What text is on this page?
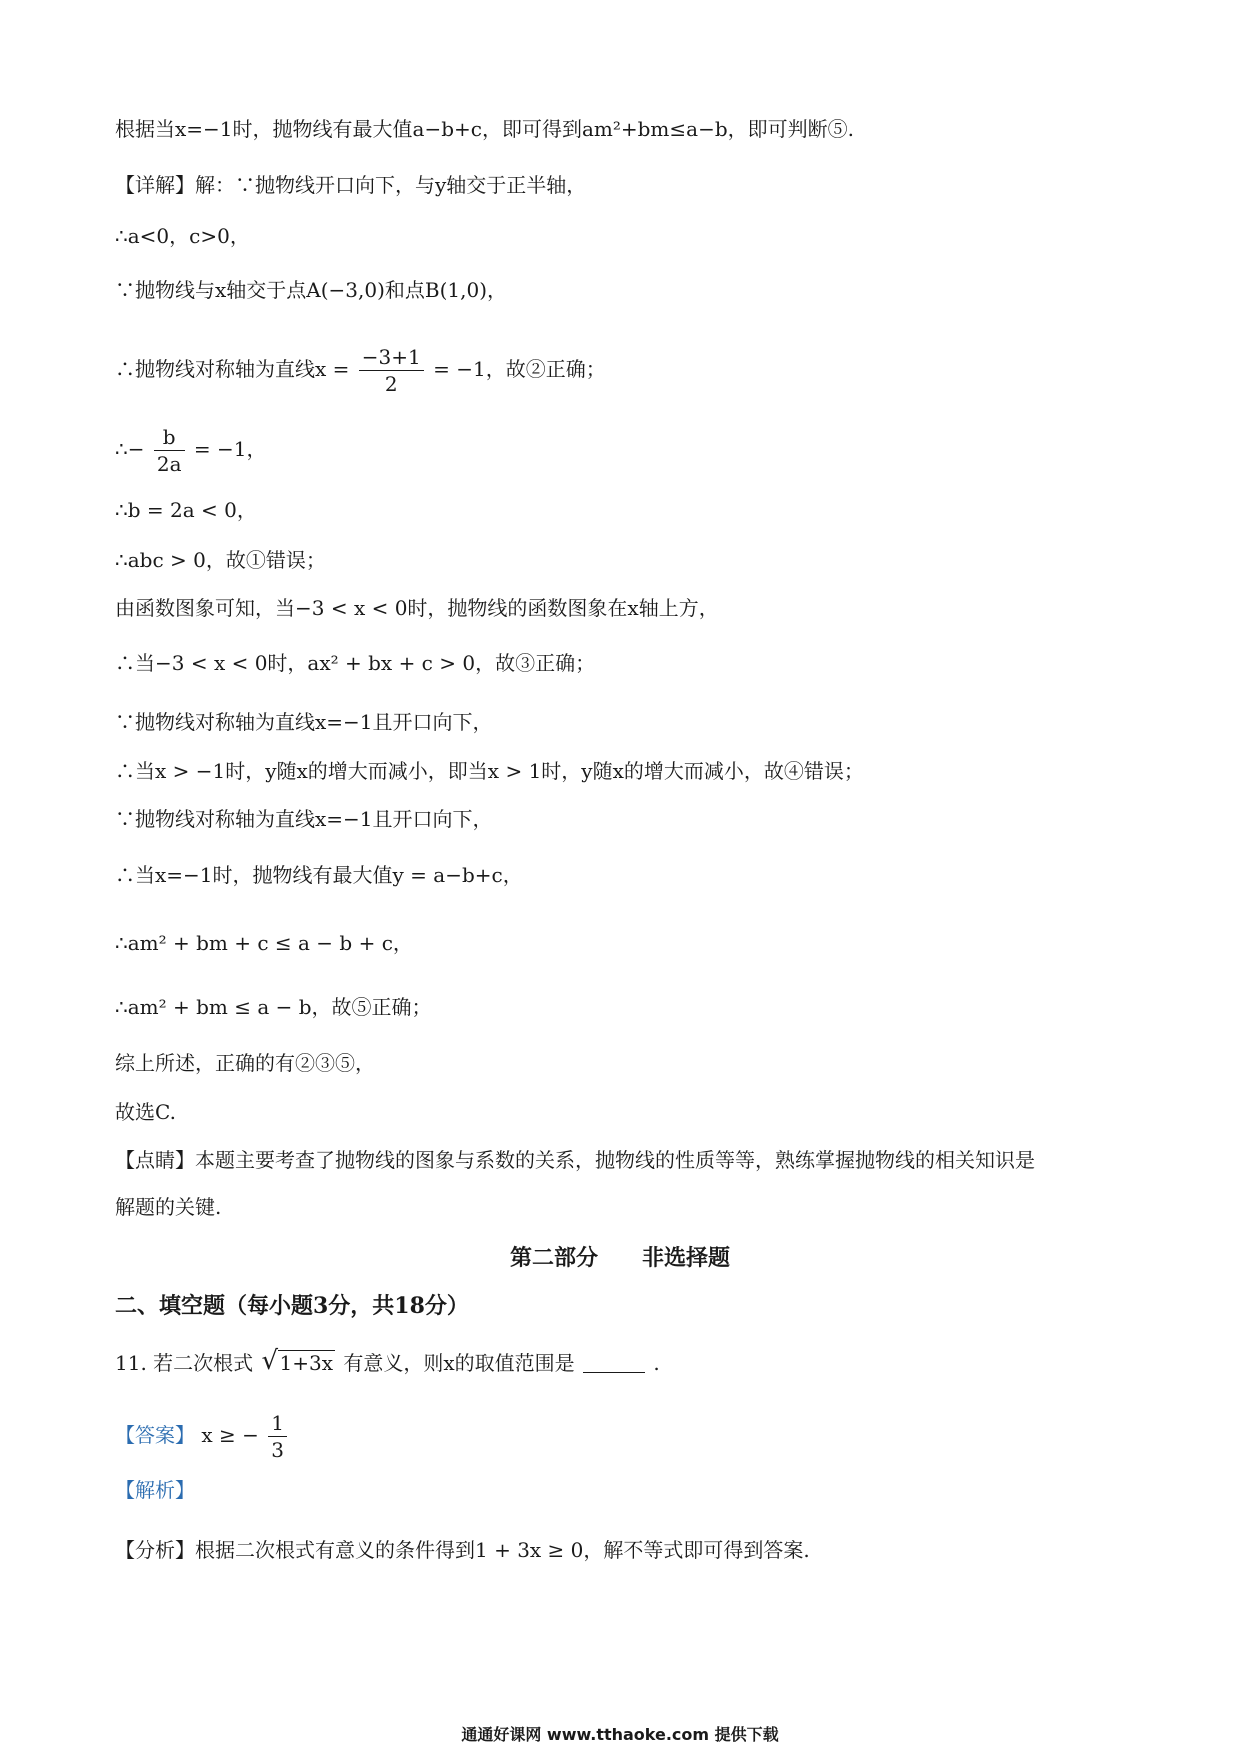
根据当x=−1时，抛物线有最大值a−b+c，即可得到am²+bm≤a−b，即可判断⑤.
【详解】解：∵抛物线开口向下，与y轴交于正半轴，
∴a<0，c>0，
∵抛物线与x轴交于点A(−3,0)和点B(1,0)，
∴抛物线对称轴为直线$x = \frac{-3+1}{2} = -1$，故②正确；
∴− $\frac{b}{2a} = -1$，
∴b = 2a < 0，
∴abc > 0，故①错误；
由函数图象可知，当−3 < x < 0时，抛物线的函数图象在x轴上方，
∴当−3 < x < 0时，ax² + bx + c > 0，故③正确；
∵抛物线对称轴为直线x=−1且开口向下，
∴当x > −1时，y随x的增大而减小，即当x > 1时，y随x的增大而减小，故④错误；
∵抛物线对称轴为直线x=−1且开口向下，
∴当x=−1时，抛物线有最大值y = a−b+c，
∴am² + bm + c ≤ a − b + c，
∴am² + bm ≤ a − b，故⑤正确；
综上所述，正确的有②③⑤，
故选C.
【点睛】本题主要考查了抛物线的图象与系数的关系，抛物线的性质等等，熟练掌握抛物线的相关知识是
解题的关键.
第二部分　　非选择题
二、填空题（每小题3分，共18分）
11. 若二次根式 √ 1+3x 有意义，则x的取值范围是	.
【答案】 x ≥ − $\frac{1}{3}$
【解析】
【分析】根据二次根式有意义的条件得到1 + 3x ≥ 0，解不等式即可得到答案.
通通好课网 www.tthaoke.com 提供下载
